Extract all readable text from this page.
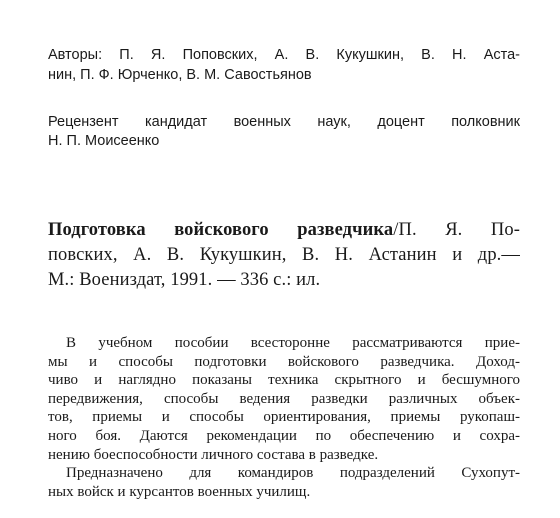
Авторы: П. Я. Поповских, А. В. Кукушкин, В. Н. Аста-
нин, П. Ф. Юрченко, В. М. Савостьянов
Рецензент кандидат военных наук, доцент полковник
Н. П. Моисеенко
Подготовка войскового разведчика/П. Я. По-
повских, А. В. Кукушкин, В. Н. Астанин и др.—
М.: Воениздат, 1991. — 336 с.: ил.
В учебном пособии всесторонне рассматриваются прие-
мы и способы подготовки войскового разведчика. Доход-
чиво и наглядно показаны техника скрытного и бесшумного
передвижения, способы ведения разведки различных объек-
тов, приемы и способы ориентирования, приемы рукопаш-
ного боя. Даются рекомендации по обеспечению и сохра-
нению боеспособности личного состава в разведке.
Предназначено для командиров подразделений Сухопут-
ных войск и курсантов военных училищ.
